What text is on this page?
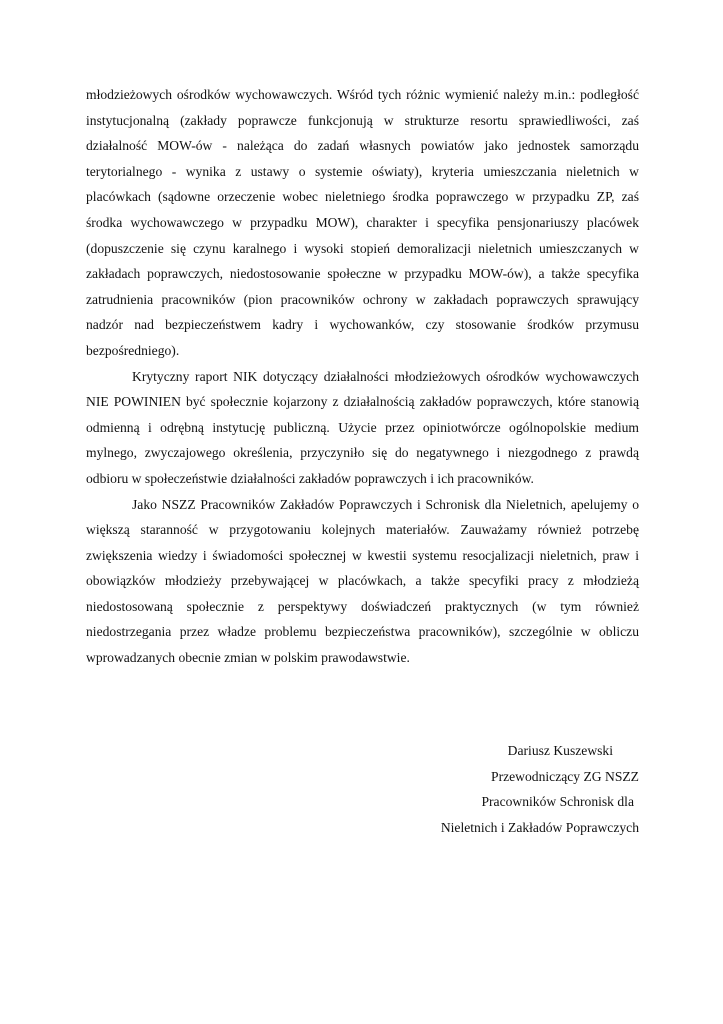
młodzieżowych ośrodków wychowawczych. Wśród tych różnic wymienić należy m.in.: podległość instytucjonalną (zakłady poprawcze funkcjonują w strukturze resortu sprawiedliwości, zaś działalność MOW-ów - należąca do zadań własnych powiatów jako jednostek samorządu terytorialnego - wynika z ustawy o systemie oświaty), kryteria umieszczania nieletnich w placówkach (sądowne orzeczenie wobec nieletniego środka poprawczego w przypadku ZP, zaś środka wychowawczego w przypadku MOW), charakter i specyfika pensjonariuszy placówek (dopuszczenie się czynu karalnego i wysoki stopień demoralizacji nieletnich umieszczanych w zakładach poprawczych, niedostosowanie społeczne w przypadku MOW-ów), a także specyfika zatrudnienia pracowników (pion pracowników ochrony w zakładach poprawczych sprawujący nadzór nad bezpieczeństwem kadry i wychowanków, czy stosowanie środków przymusu bezpośredniego).

Krytyczny raport NIK dotyczący działalności młodzieżowych ośrodków wychowawczych NIE POWINIEN być społecznie kojarzony z działalnością zakładów poprawczych, które stanowią odmienną i odrębną instytucję publiczną. Użycie przez opiniotwórcze ogólnopolskie medium mylnego, zwyczajowego określenia, przyczyniło się do negatywnego i niezgodnego z prawdą odbioru w społeczeństwie działalności zakładów poprawczych i ich pracowników.

Jako NSZZ Pracowników Zakładów Poprawczych i Schronisk dla Nieletnich, apelujemy o większą staranność w przygotowaniu kolejnych materiałów. Zauważamy również potrzebę zwiększenia wiedzy i świadomości społecznej w kwestii systemu resocjalizacji nieletnich, praw i obowiązków młodzieży przebywającej w placówkach, a także specyfiki pracy z młodzieżą niedostosowaną społecznie z perspektywy doświadczeń praktycznych (w tym również niedostrzegania przez władze problemu bezpieczeństwa pracowników), szczególnie w obliczu wprowadzanych obecnie zmian w polskim prawodawstwie.

Dariusz Kuszewski
Przewodniczący ZG NSZZ
Pracowników Schronisk dla
Nieletnich i Zakładów Poprawczych
